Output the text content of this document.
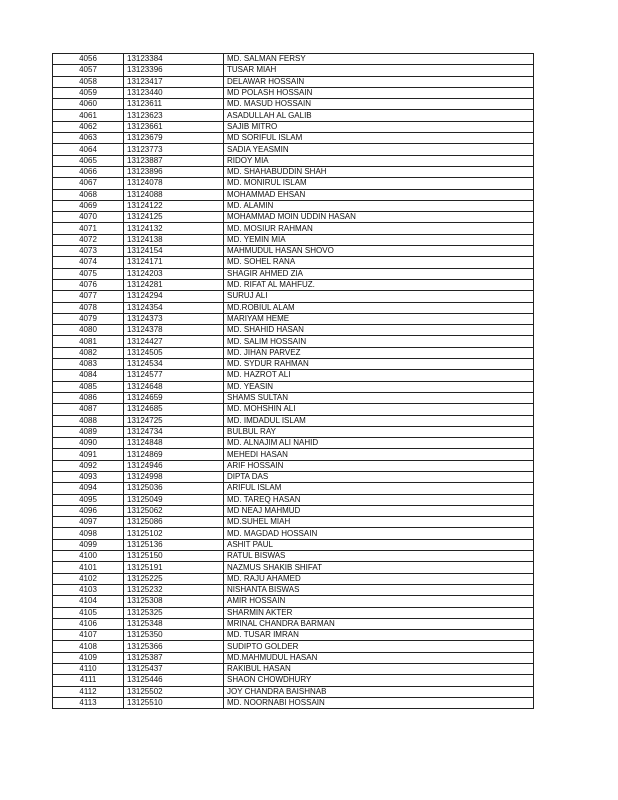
4056	13123384	MD. SALMAN FERSY
4057	13123396	TUSAR MIAH
4058	13123417	DELAWAR HOSSAIN
4059	13123440	MD POLASH HOSSAIN
4060	13123611	MD. MASUD HOSSAIN
4061	13123623	ASADULLAH AL GALIB
4062	13123661	SAJIB MITRO
4063	13123679	MD SORIFUL ISLAM
4064	13123773	SADIA YEASMIN
4065	13123887	RIDOY MIA
4066	13123896	MD. SHAHABUDDIN SHAH
4067	13124078	MD. MONIRUL ISLAM
4068	13124088	MOHAMMAD EHSAN
4069	13124122	MD. ALAMIN
4070	13124125	MOHAMMAD MOIN UDDIN HASAN
4071	13124132	MD. MOSIUR RAHMAN
4072	13124138	MD. YEMIN MIA
4073	13124154	MAHMUDUL HASAN SHOVO
4074	13124171	MD. SOHEL RANA
4075	13124203	SHAGIR AHMED ZIA
4076	13124281	MD. RIFAT AL MAHFUZ.
4077	13124294	SURUJ ALI
4078	13124354	MD.ROBIUL ALAM
4079	13124373	MARIYAM HEME
4080	13124378	MD. SHAHID HASAN
4081	13124427	MD. SALIM HOSSAIN
4082	13124505	MD. JIHAN PARVEZ
4083	13124534	MD. SYDUR RAHMAN
4084	13124577	MD. HAZROT ALI
4085	13124648	MD. YEASIN
4086	13124659	SHAMS SULTAN
4087	13124685	MD. MOHSHIN ALI
4088	13124725	MD. IMDADUL ISLAM
4089	13124734	BULBUL RAY
4090	13124848	MD. ALNAJIM ALI NAHID
4091	13124869	MEHEDI HASAN
4092	13124946	ARIF HOSSAIN
4093	13124998	DIPTA DAS
4094	13125036	ARIFUL ISLAM
4095	13125049	MD. TAREQ HASAN
4096	13125062	MD NEAJ MAHMUD
4097	13125086	MD.SUHEL MIAH
4098	13125102	MD. MAGDAD HOSSAIN
4099	13125136	ASHIT PAUL
4100	13125150	RATUL BISWAS
4101	13125191	NAZMUS SHAKIB SHIFAT
4102	13125225	MD. RAJU AHAMED
4103	13125232	NISHANTA BISWAS
4104	13125308	AMIR HOSSAIN
4105	13125325	SHARMIN AKTER
4106	13125348	MRINAL CHANDRA BARMAN
4107	13125350	MD. TUSAR IMRAN
4108	13125366	SUDIPTO GOLDER
4109	13125387	MD.MAHMUDUL HASAN
4110	13125437	RAKIBUL HASAN
4111	13125446	SHAON CHOWDHURY
4112	13125502	JOY CHANDRA BAISHNAB
4113	13125510	MD. NOORNABI HOSSAIN
